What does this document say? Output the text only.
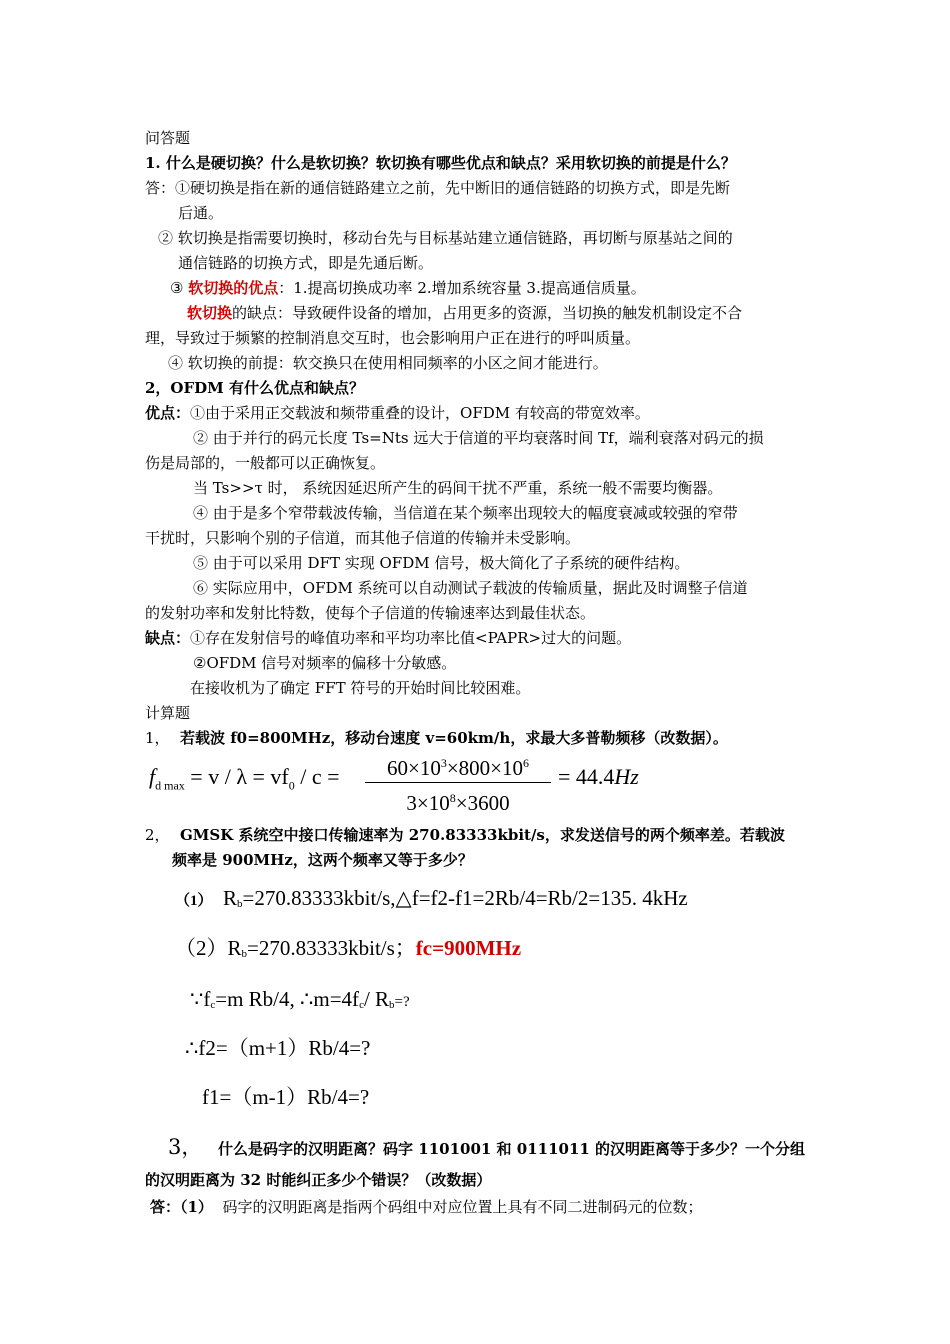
问答题
1. 什么是硬切换？什么是软切换？软切换有哪些优点和缺点？采用软切换的前提是什么？
答：①硬切换是指在新的通信链路建立之前，先中断旧的通信链路的切换方式，即是先断
后通。
② 软切换是指需要切换时，移动台先与目标基站建立通信链路，再切断与原基站之间的
通信链路的切换方式，即是先通后断。
③ 软切换的优点：1.提高切换成功率 2.增加系统容量 3.提高通信质量。
软切换的缺点：导致硬件设备的增加，占用更多的资源，当切换的触发机制设定不合
理，导致过于频繁的控制消息交互时，也会影响用户正在进行的呼叫质量。
④ 软切换的前提：软交换只在使用相同频率的小区之间才能进行。
2，OFDM 有什么优点和缺点？
优点：①由于采用正交载波和频带重叠的设计，OFDM 有较高的带宽效率。
② 由于并行的码元长度 Ts=Nts 远大于信道的平均衰落时间 Tf，端利衰落对码元的损
伤是局部的，一般都可以正确恢复。
当 Ts>>τ 时， 系统因延迟所产生的码间干扰不严重，系统一般不需要均衡器。
④ 由于是多个窄带载波传输，当信道在某个频率出现较大的幅度衰减或较强的窄带
干扰时，只影响个别的子信道，而其他子信道的传输并未受影响。
⑤ 由于可以采用 DFT 实现 OFDM 信号，极大简化了子系统的硬件结构。
⑥ 实际应用中，OFDM 系统可以自动测试子载波的传输质量，据此及时调整子信道
的发射功率和发射比特数，使每个子信道的传输速率达到最佳状态。
缺点：①存在发射信号的峰值功率和平均功率比值<PAPR>过大的问题。
②OFDM 信号对频率的偏移十分敏感。
在接收机为了确定 FFT 符号的开始时间比较困难。
计算题
1， 若载波 f0=800MHz，移动台速度 v=60km/h，求最大多普勒频移（改数据）。
$f_{d max} = v / \lambda = vf_0 / c$ =	$60\times 10^3\times 800\times 10^6$
$3\times 10^8\times 3600$
= 44.4Hz
2， GMSK 系统空中接口传输速率为 270.83333kbit/s，求发送信号的两个频率差。若载波
频率是 900MHz，这两个频率又等于多少？
（1） Rb=270.83333kbit/s,△f=f2-f1=2Rb/4=Rb/2=135. 4kHz
（2）Rb=270.83333kbit/s；fc=900MHz
∵fc=m Rb/4, ∴m=4fc/ Rb=?
∴f2=（m+1）Rb/4=?
f1=（m-1）Rb/4=?
3， 什么是码字的汉明距离？码字 1101001 和 0111011 的汉明距离等于多少？一个分组
的汉明距离为 32 时能纠正多少个错误？（改数据）
答：（1） 码字的汉明距离是指两个码组中对应位置上具有不同二进制码元的位数；
